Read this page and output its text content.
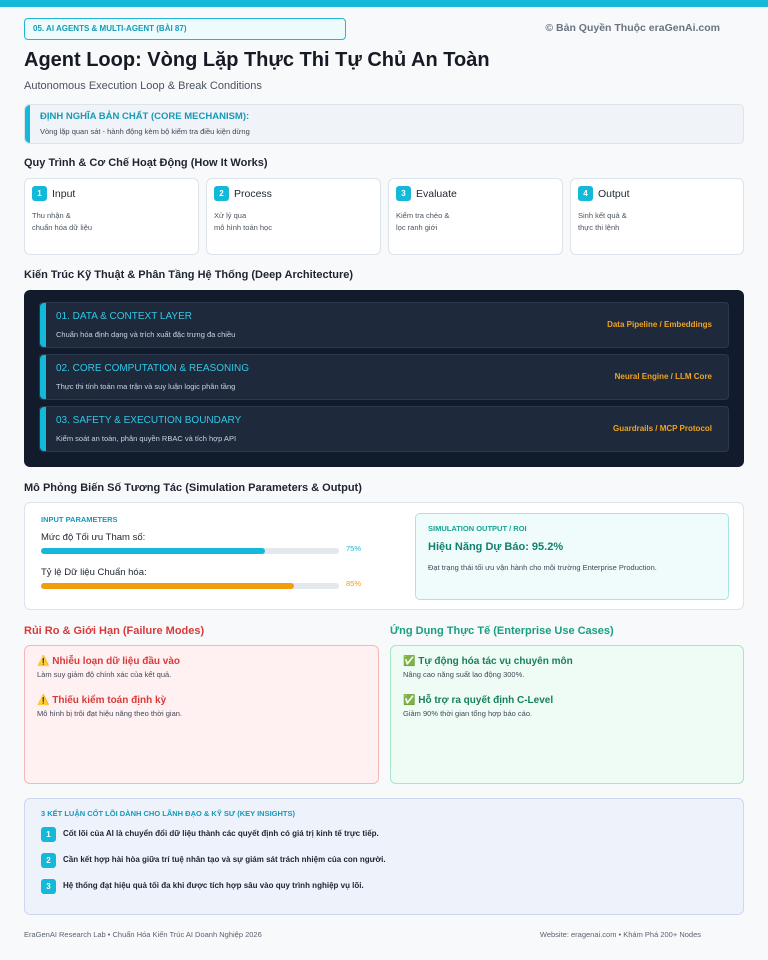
05. AI AGENTS & MULTI-AGENT (BÀI 87)	© Bản Quyền Thuộc eraGenAi.com
Agent Loop: Vòng Lặp Thực Thi Tự Chủ An Toàn
Autonomous Execution Loop & Break Conditions
ĐỊNH NGHĨA BẢN CHẤT (CORE MECHANISM):
Vòng lặp quan sát - hành động kèm bộ kiểm tra điều kiện dừng
Quy Trình & Cơ Chế Hoạt Động (How It Works)
1 Input
Thu nhận &
chuẩn hóa dữ liệu
2 Process
Xử lý qua
mô hình toán học
3 Evaluate
Kiểm tra chéo &
lọc ranh giới
4 Output
Sinh kết quả &
thực thi lệnh
Kiến Trúc Kỹ Thuật & Phân Tầng Hệ Thống (Deep Architecture)
01. DATA & CONTEXT LAYER
Chuẩn hóa định dạng và trích xuất đặc trưng đa chiều
Data Pipeline / Embeddings
02. CORE COMPUTATION & REASONING
Thực thi tính toán ma trận và suy luận logic phân tầng
Neural Engine / LLM Core
03. SAFETY & EXECUTION BOUNDARY
Kiểm soát an toàn, phân quyền RBAC và tích hợp API
Guardrails / MCP Protocol
Mô Phỏng Biến Số Tương Tác (Simulation Parameters & Output)
INPUT PARAMETERS
Mức độ Tối ưu Tham số:
75%
Tỷ lệ Dữ liệu Chuẩn hóa:
85%
SIMULATION OUTPUT / ROI
Hiệu Năng Dự Báo: 95.2%
Đạt trạng thái tối ưu vận hành cho môi trường Enterprise Production.
Rủi Ro & Giới Hạn (Failure Modes)	Ứng Dụng Thực Tế (Enterprise Use Cases)
⚠️ Nhiễu loạn dữ liệu đầu vào
Làm suy giảm độ chính xác của kết quả.
⚠️ Thiếu kiểm toán định kỳ
Mô hình bị trôi đạt hiệu năng theo thời gian.
✅ Tự động hóa tác vụ chuyên môn
Nâng cao năng suất lao động 300%.
✅ Hỗ trợ ra quyết định C-Level
Giảm 90% thời gian tổng hợp báo cáo.
3 KẾT LUẬN CỐT LÕI DÀNH CHO LÃNH ĐẠO & KỸ SƯ (KEY INSIGHTS)
1	Cốt lõi của AI là chuyển đổi dữ liệu thành các quyết định có giá trị kinh tế trực tiếp.
2	Cần kết hợp hài hòa giữa trí tuệ nhân tạo và sự giám sát trách nhiệm của con người.
3	Hệ thống đạt hiệu quả tối đa khi được tích hợp sâu vào quy trình nghiệp vụ lõi.
EraGenAI Research Lab • Chuẩn Hóa Kiến Trúc AI Doanh Nghiệp 2026	Website: eragenai.com • Khám Phá 200+ Nodes
